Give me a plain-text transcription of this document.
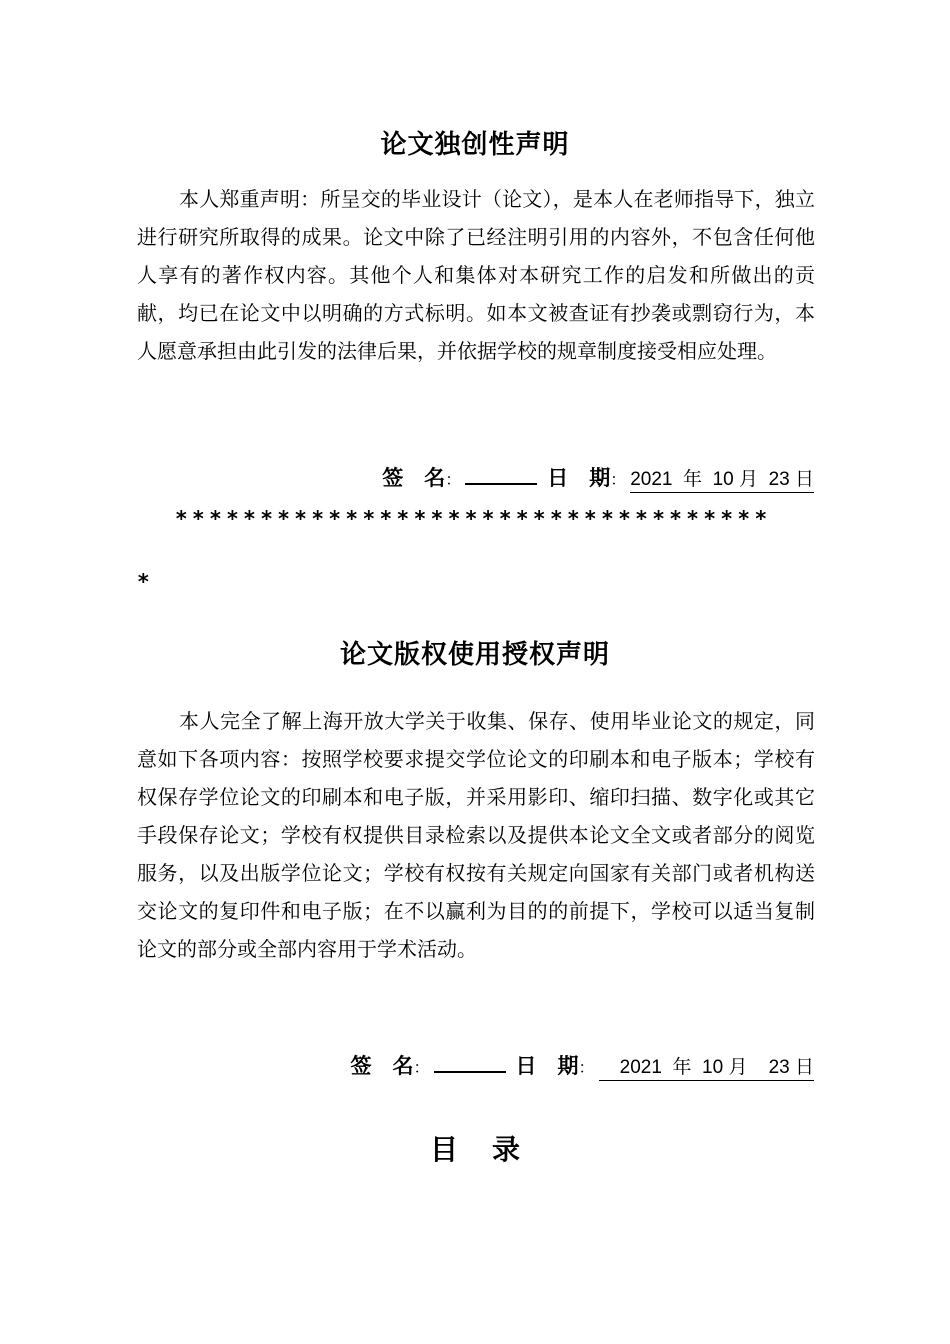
论文独创性声明

本人郑重声明：所呈交的毕业设计（论文），是本人在老师指导下，独立进行研究所取得的成果。论文中除了已经注明引用的内容外，不包含任何他人享有的著作权内容。其他个人和集体对本研究工作的启发和所做出的贡献，均已在论文中以明确的方式标明。如本文被查证有抄袭或剽窃行为，本人愿意承担由此引发的法律后果，并依据学校的规章制度接受相应处理。

签　名 ：	日　期 ： 2021  年  10 月  23 日

***********************************

*

论文版权使用授权声明

本人完全了解上海开放大学关于收集、保存、使用毕业论文的规定，同意如下各项内容：按照学校要求提交学位论文的印刷本和电子版本；学校有权保存学位论文的印刷本和电子版，并采用影印、缩印扫描、数字化或其它手段保存论文；学校有权提供目录检索以及提供本论文全文或者部分的阅览服务，以及出版学位论文；学校有权按有关规定向国家有关部门或者机构送交论文的复印件和电子版；在不以赢利为目的的前提下，学校可以适当复制论文的部分或全部内容用于学术活动。

签　名 ：	日　期 ： 2021  年  10 月    23 日
目录
